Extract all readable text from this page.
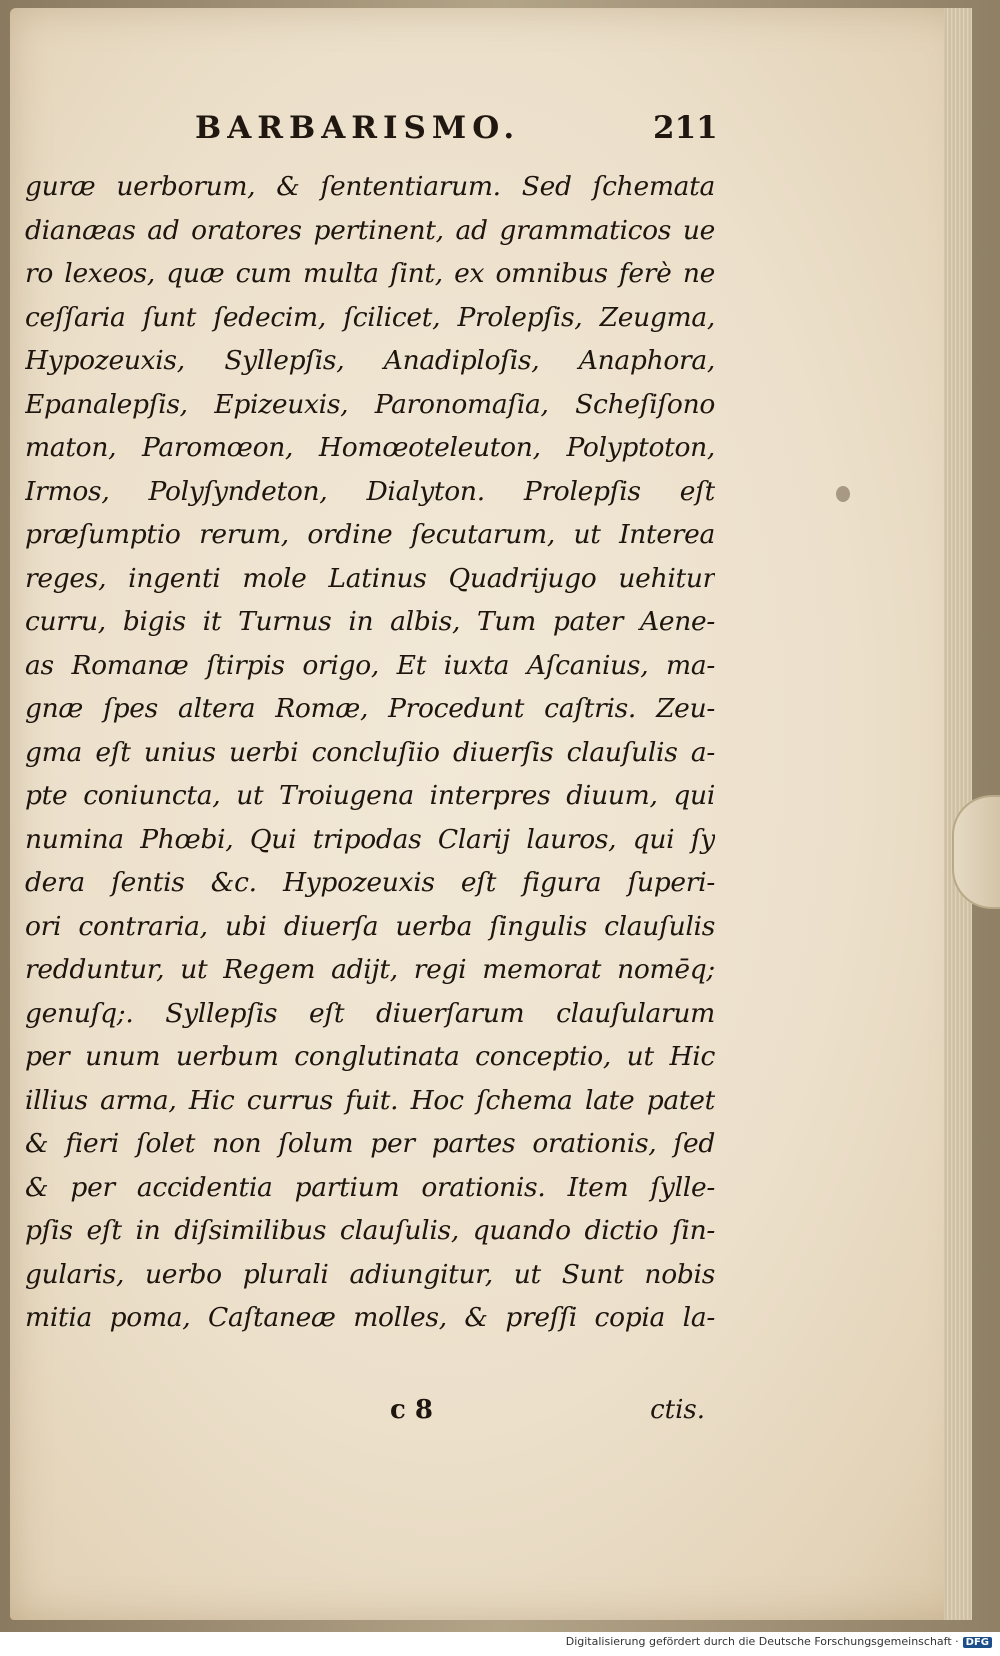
BARBARISMO.	211
guræ uerborum, & ſententiarum. Sed ſchemata
dianæas ad oratores pertinent, ad grammaticos ue
ro lexeos, quæ cum multa ſint, ex omnibus ferè ne
ceſſaria ſunt ſedecim, ſcilicet, Prolepſis, Zeugma,
Hypozeuxis, Syllepſis, Anadiploſis, Anaphora,
Epanalepſis, Epizeuxis, Paronomaſia, Scheſiſono
maton, Paromœon, Homœoteleuton, Polyptoton,
Irmos, Polyſyndeton, Dialyton. Prolepſis eſt
præſumptio rerum, ordine ſecutarum, ut Interea
reges, ingenti mole Latinus Quadrijugo uehitur
curru, bigis it Turnus in albis, Tum pater Aene-
as Romanæ ſtirpis origo, Et iuxta Aſcanius, ma-
gnæ ſpes altera Romæ, Procedunt caſtris. Zeu-
gma eſt unius uerbi concluſiio diuerſis clauſulis a-
pte coniuncta, ut Troiugena interpres diuum, qui
numina Phœbi, Qui tripodas Clarij lauros, qui ſy
dera ſentis &c. Hypozeuxis eſt figura ſuperi-
ori contraria, ubi diuerſa uerba ſingulis clauſulis
redduntur, ut Regem adijt, regi memorat nomēq;
genuſq;. Syllepſis eſt diuerſarum clauſularum
per unum uerbum conglutinata conceptio, ut Hic
illius arma, Hic currus fuit. Hoc ſchema late patet
& fieri ſolet non ſolum per partes orationis, ſed
& per accidentia partium orationis. Item ſylle-
pſis eſt in diſsimilibus clauſulis, quando dictio ſin-
gularis, uerbo plurali adiungitur, ut Sunt nobis
mitia poma, Caſtaneæ molles, & preſſi copia la-
c 8	ctis.
Digitalisierung gefördert durch die Deutsche Forschungsgemeinschaft · DFG
